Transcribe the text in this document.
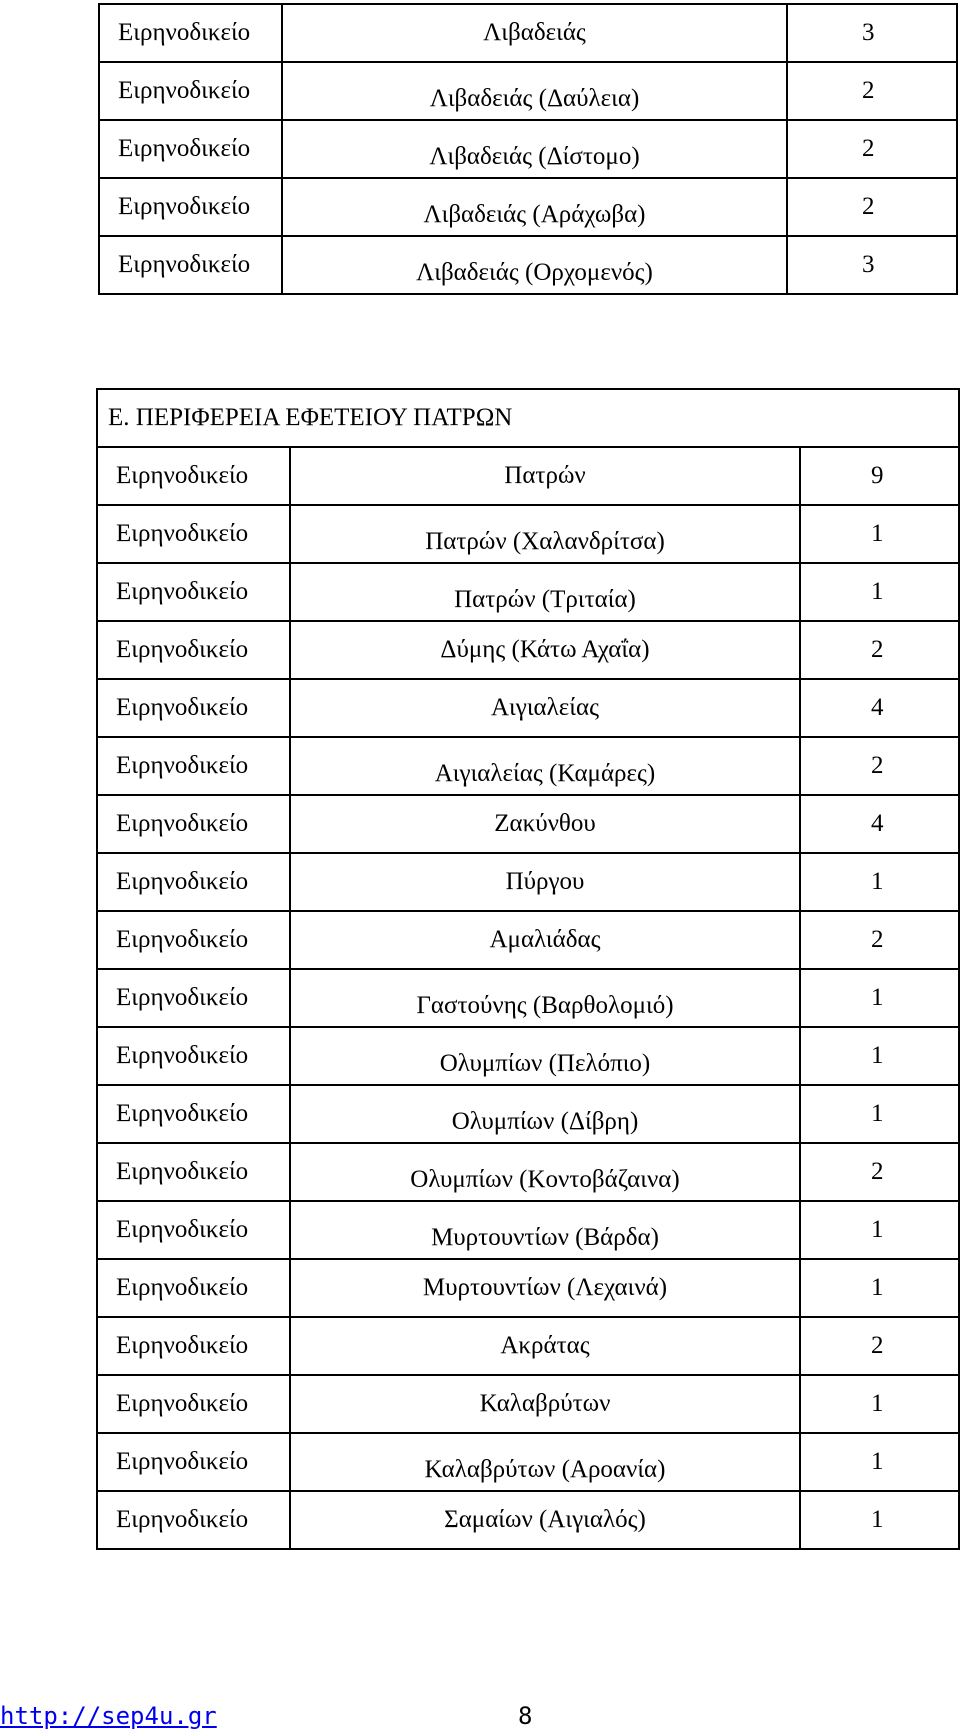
Ειρηνοδικείο	Λιβαδειάς	3
Ειρηνοδικείο	Λιβαδειάς (Δαύλεια)	2
Ειρηνοδικείο	Λιβαδειάς (Δίστομο)	2
Ειρηνοδικείο	Λιβαδειάς (Αράχωβα)	2
Ειρηνοδικείο	Λιβαδειάς (Ορχομενός)	3
Ε. ΠΕΡΙΦΕΡΕΙΑ ΕΦΕΤΕΙΟΥ ΠΑΤΡΩΝ		
Ειρηνοδικείο	Πατρών	9
Ειρηνοδικείο	Πατρών (Χαλανδρίτσα)	1
Ειρηνοδικείο	Πατρών (Τριταία)	1
Ειρηνοδικείο	Δύμης (Κάτω Αχαΐα)	2
Ειρηνοδικείο	Αιγιαλείας	4
Ειρηνοδικείο	Αιγιαλείας (Καμάρες)	2
Ειρηνοδικείο	Ζακύνθου	4
Ειρηνοδικείο	Πύργου	1
Ειρηνοδικείο	Αμαλιάδας	2
Ειρηνοδικείο	Γαστούνης (Βαρθολομιό)	1
Ειρηνοδικείο	Ολυμπίων (Πελόπιο)	1
Ειρηνοδικείο	Ολυμπίων (Δίβρη)	1
Ειρηνοδικείο	Ολυμπίων (Κοντοβάζαινα)	2
Ειρηνοδικείο	Μυρτουντίων (Βάρδα)	1
Ειρηνοδικείο	Μυρτουντίων (Λεχαινά)	1
Ειρηνοδικείο	Ακράτας	2
Ειρηνοδικείο	Καλαβρύτων	1
Ειρηνοδικείο	Καλαβρύτων (Αροανία)	1
Ειρηνοδικείο	Σαμαίων (Αιγιαλός)	1
http://sep4u.gr	8
